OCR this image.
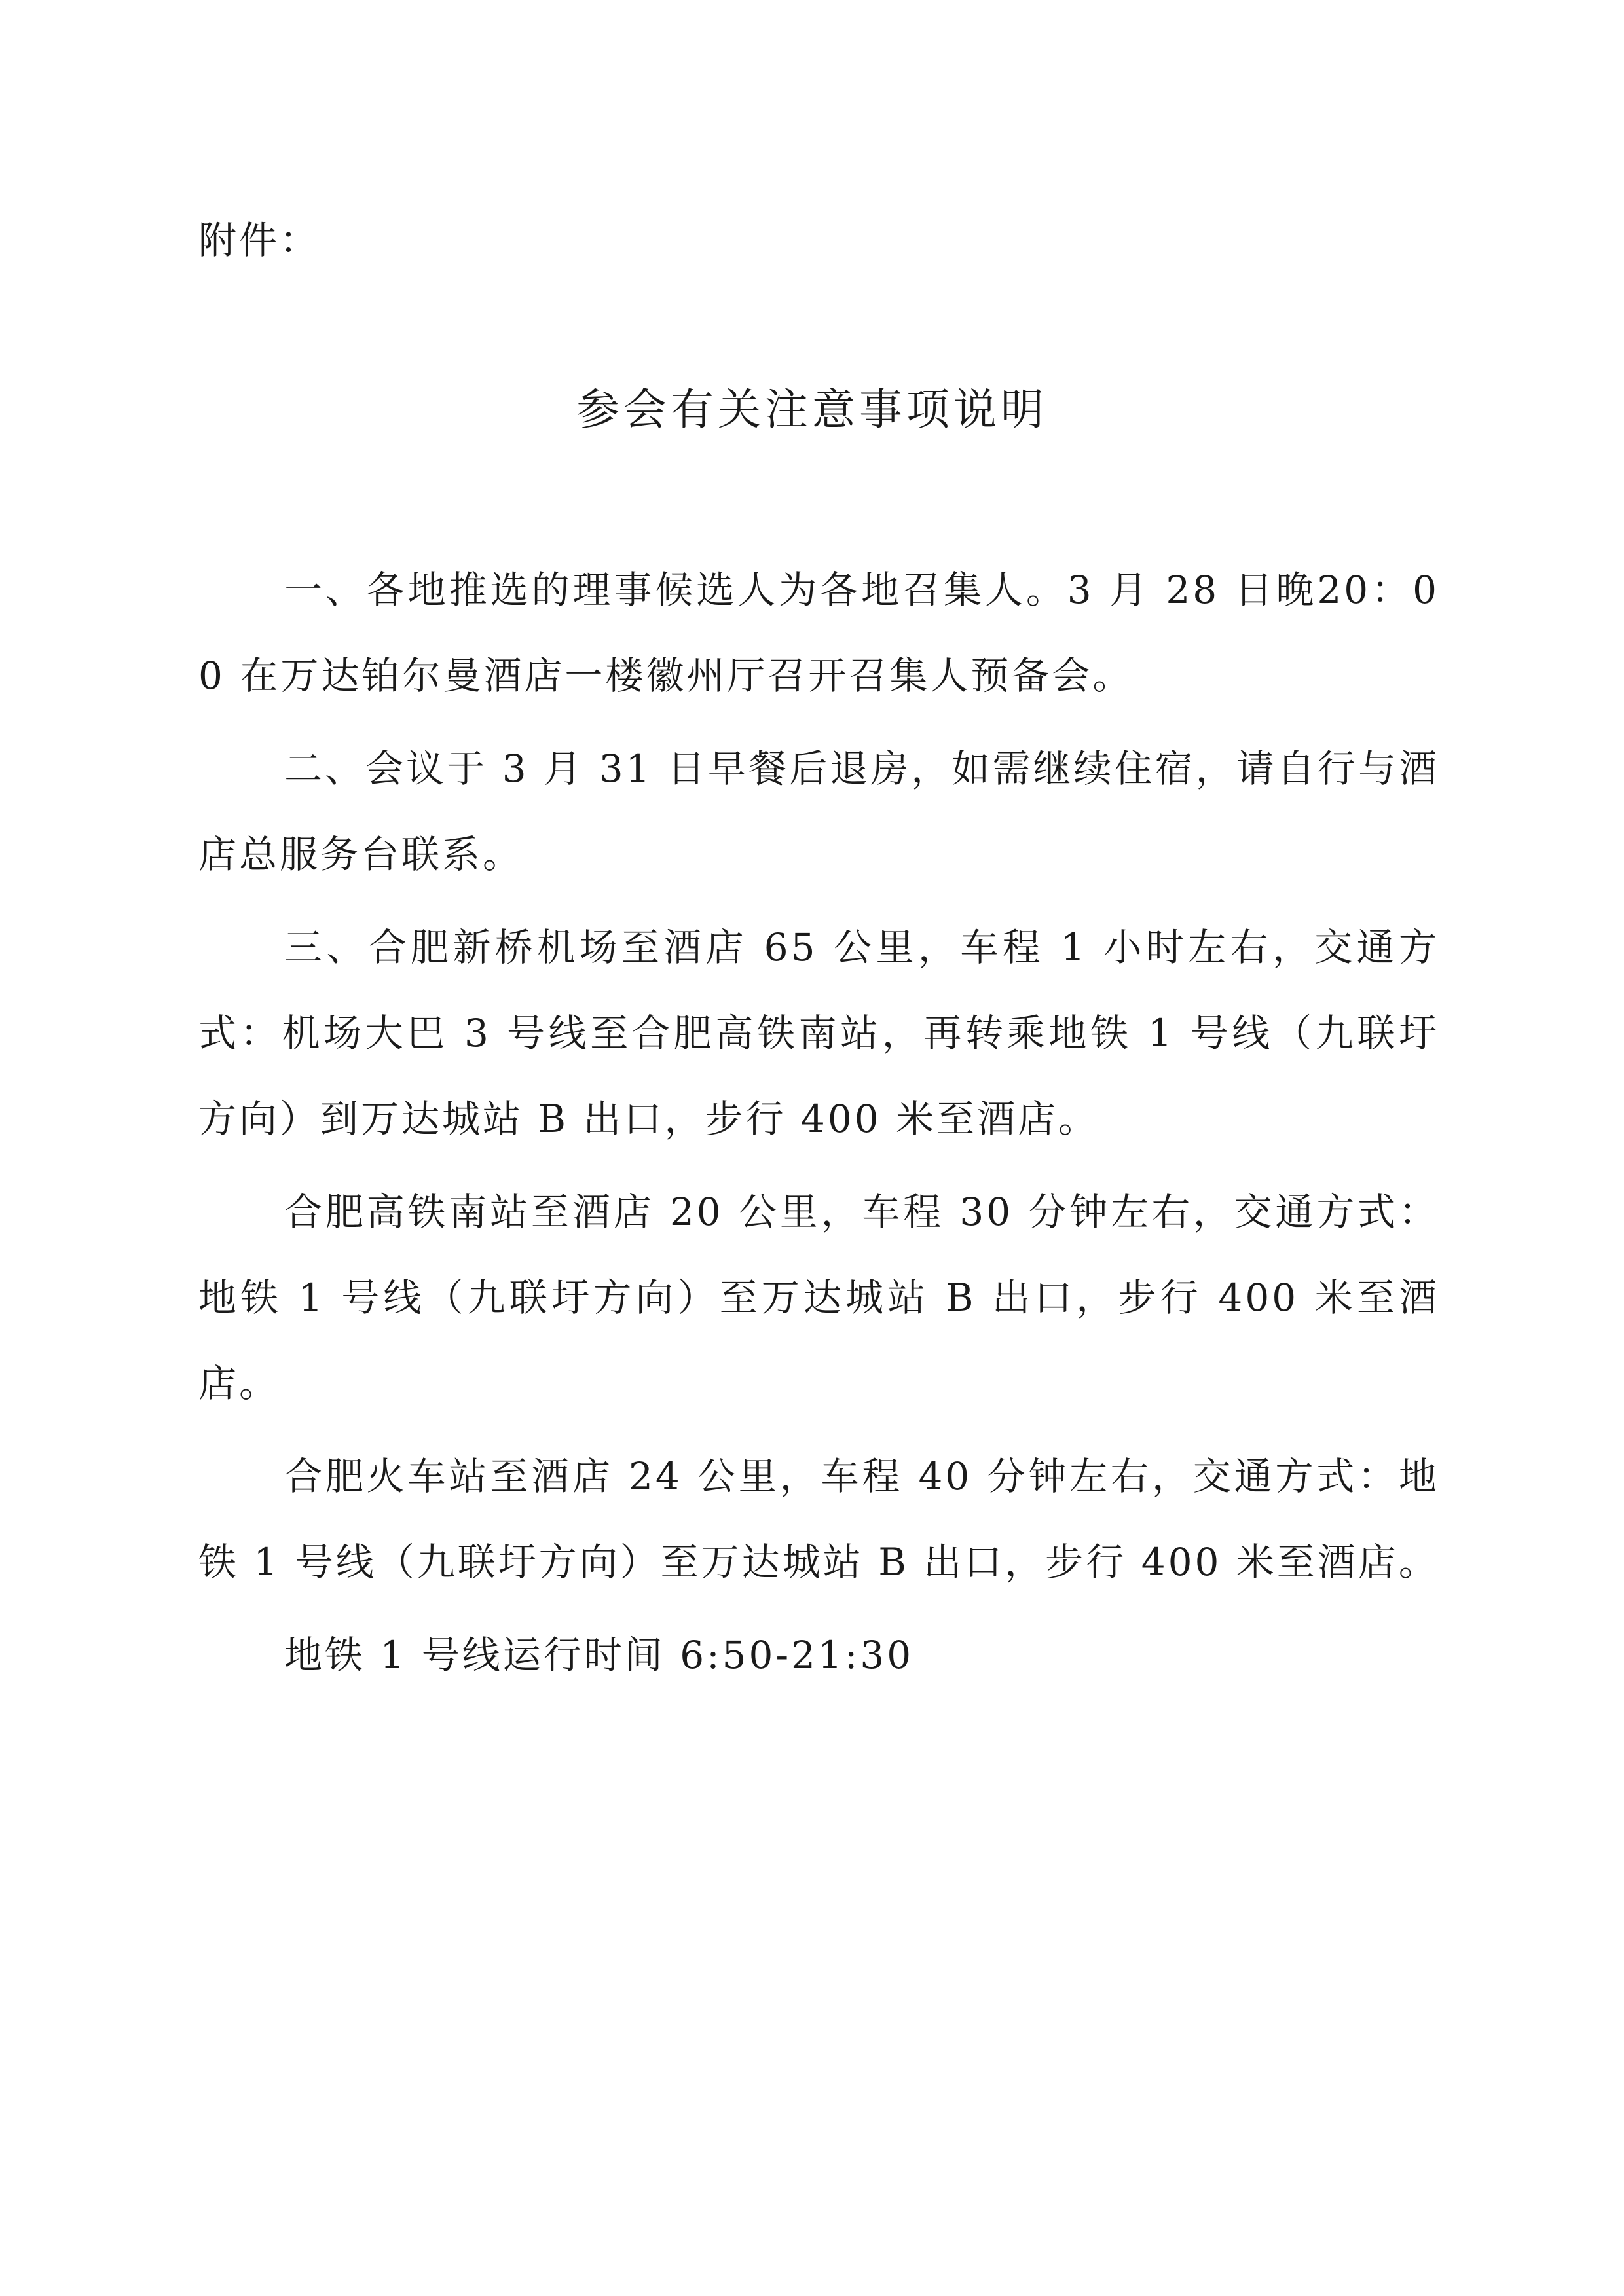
附件：
参会有关注意事项说明

一、各地推选的理事候选人为各地召集人。3 月 28 日晚20：00 在万达铂尔曼酒店一楼徽州厅召开召集人预备会。

二、会议于 3 月 31 日早餐后退房，如需继续住宿，请自行与酒店总服务台联系。

三、合肥新桥机场至酒店 65 公里，车程 1 小时左右，交通方式：机场大巴 3 号线至合肥高铁南站，再转乘地铁 1 号线（九联圩方向）到万达城站 B 出口，步行 400 米至酒店。

合肥高铁南站至酒店 20 公里，车程 30 分钟左右，交通方式：地铁 1 号线（九联圩方向）至万达城站 B 出口，步行 400 米至酒店。

合肥火车站至酒店 24 公里，车程 40 分钟左右，交通方式：地铁 1 号线（九联圩方向）至万达城站 B 出口，步行 400 米至酒店。

地铁 1 号线运行时间 6:50-21:30
